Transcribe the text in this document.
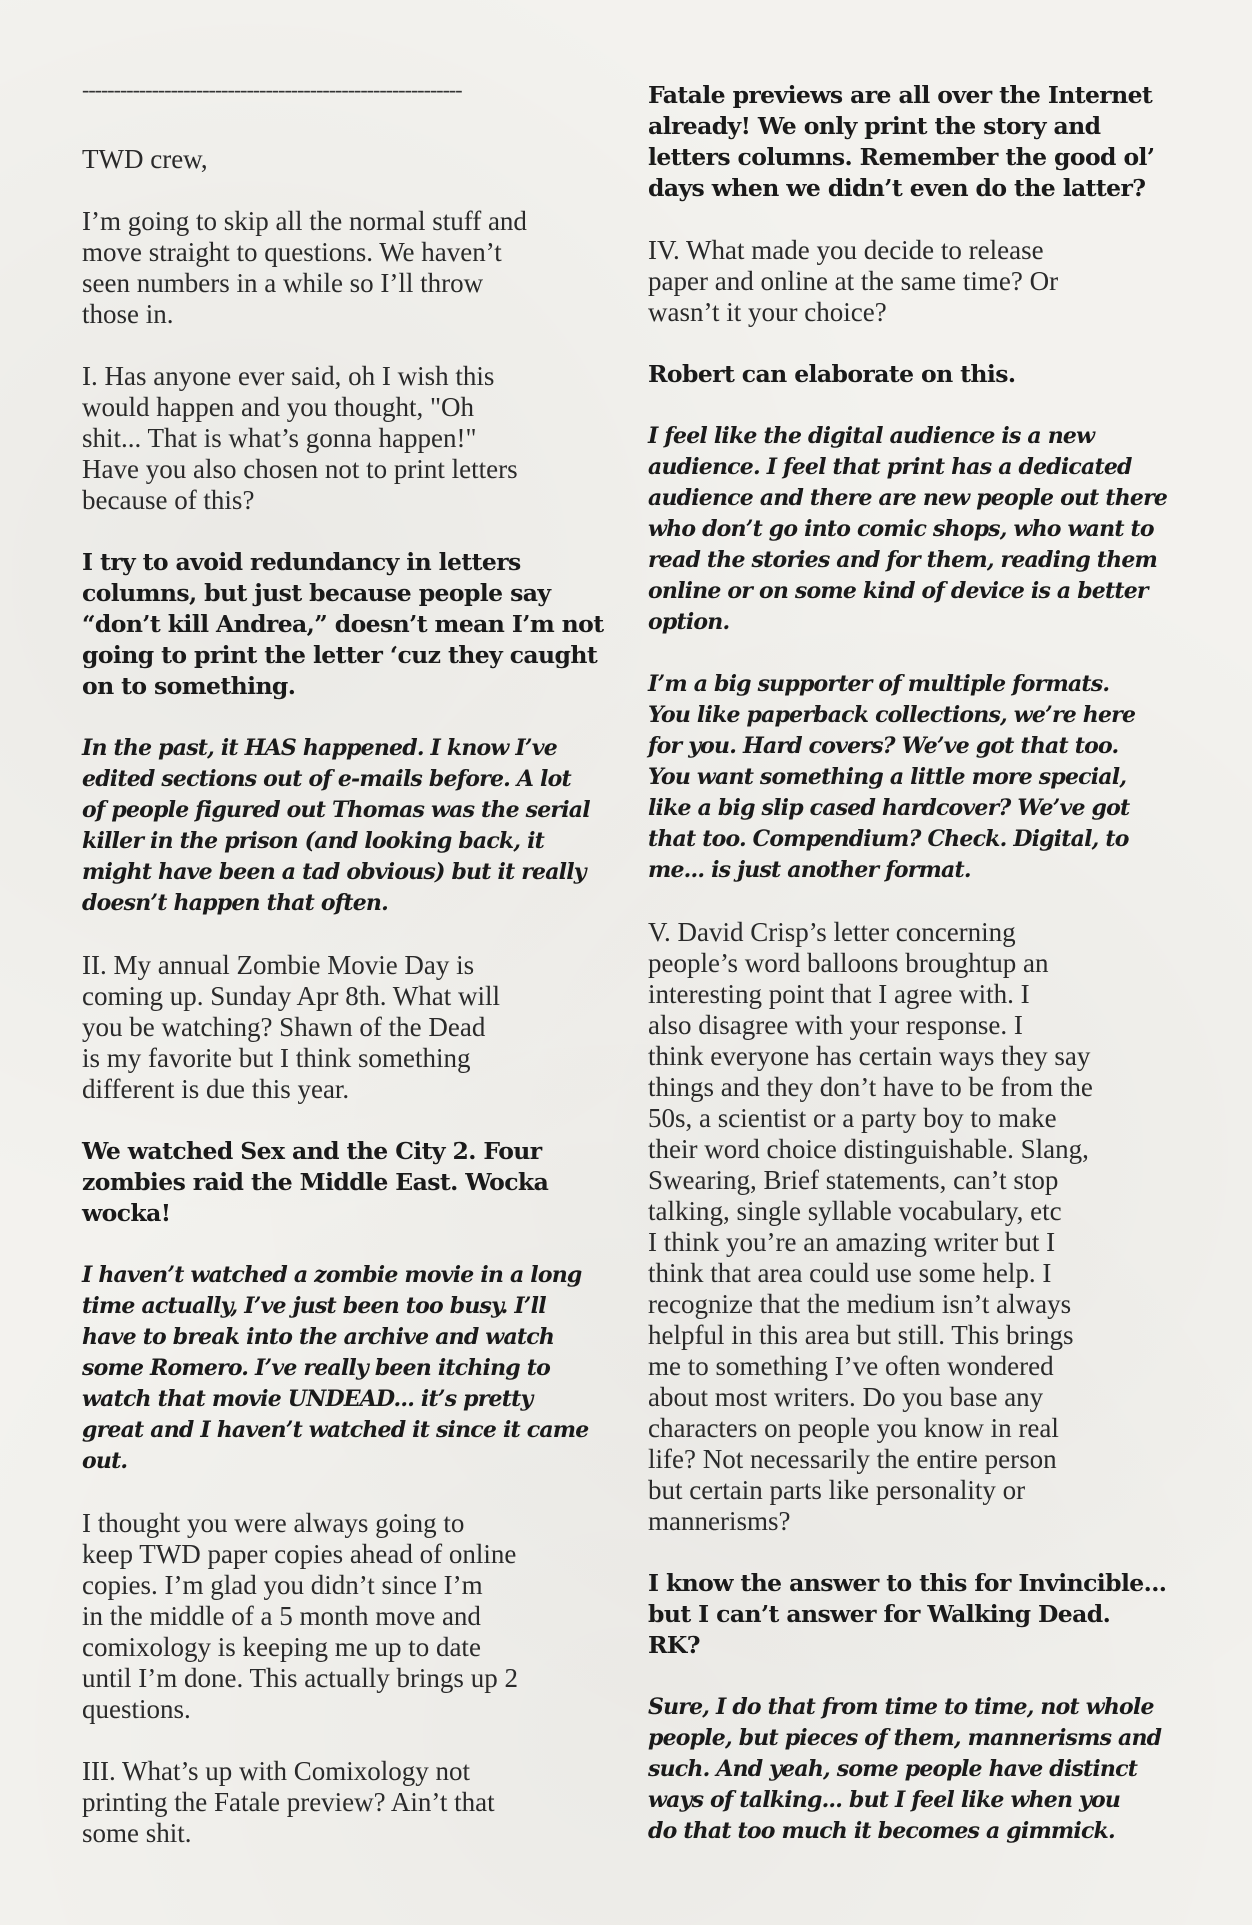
------------------------------------------------------------

TWD crew,

I’m going to skip all the normal stuff and
move straight to questions. We haven’t
seen numbers in a while so I’ll throw
those in.

I. Has anyone ever said, oh I wish this
would happen and you thought, "Oh
shit... That is what’s gonna happen!"
Have you also chosen not to print letters
because of this?

I try to avoid redundancy in letters
columns, but just because people say
“don’t kill Andrea,” doesn’t mean I’m not
going to print the letter ‘cuz they caught
on to something.

In the past, it HAS happened. I know I’ve
edited sections out of e-mails before. A lot
of people figured out Thomas was the serial
killer in the prison (and looking back, it
might have been a tad obvious) but it really
doesn’t happen that often.

II. My annual Zombie Movie Day is
coming up. Sunday Apr 8th. What will
you be watching? Shawn of the Dead
is my favorite but I think something
different is due this year.

We watched Sex and the City 2. Four
zombies raid the Middle East. Wocka
wocka!

I haven’t watched a zombie movie in a long
time actually, I’ve just been too busy. I’ll
have to break into the archive and watch
some Romero. I’ve really been itching to
watch that movie UNDEAD... it’s pretty
great and I haven’t watched it since it came
out.

I thought you were always going to
keep TWD paper copies ahead of online
copies. I’m glad you didn’t since I’m
in the middle of a 5 month move and
comixology is keeping me up to date
until I’m done. This actually brings up 2
questions.

III. What’s up with Comixology not
printing the Fatale preview? Ain’t that
some shit.

Fatale previews are all over the Internet
already! We only print the story and
letters columns. Remember the good ol’
days when we didn’t even do the latter?

IV. What made you decide to release
paper and online at the same time? Or
wasn’t it your choice?

Robert can elaborate on this.

I feel like the digital audience is a new
audience. I feel that print has a dedicated
audience and there are new people out there
who don’t go into comic shops, who want to
read the stories and for them, reading them
online or on some kind of device is a better
option.

I’m a big supporter of multiple formats.
You like paperback collections, we’re here
for you. Hard covers? We’ve got that too.
You want something a little more special,
like a big slip cased hardcover? We’ve got
that too. Compendium? Check. Digital, to
me... is just another format.

V. David Crisp’s letter concerning
people’s word balloons broughtup an
interesting point that I agree with. I
also disagree with your response. I
think everyone has certain ways they say
things and they don’t have to be from the
50s, a scientist or a party boy to make
their word choice distinguishable. Slang,
Swearing, Brief statements, can’t stop
talking, single syllable vocabulary, etc
I think you’re an amazing writer but I
think that area could use some help. I
recognize that the medium isn’t always
helpful in this area but still. This brings
me to something I’ve often wondered
about most writers. Do you base any
characters on people you know in real
life? Not necessarily the entire person
but certain parts like personality or
mannerisms?

I know the answer to this for Invincible...
but I can’t answer for Walking Dead.
RK?

Sure, I do that from time to time, not whole
people, but pieces of them, mannerisms and
such. And yeah, some people have distinct
ways of talking... but I feel like when you
do that too much it becomes a gimmick.
